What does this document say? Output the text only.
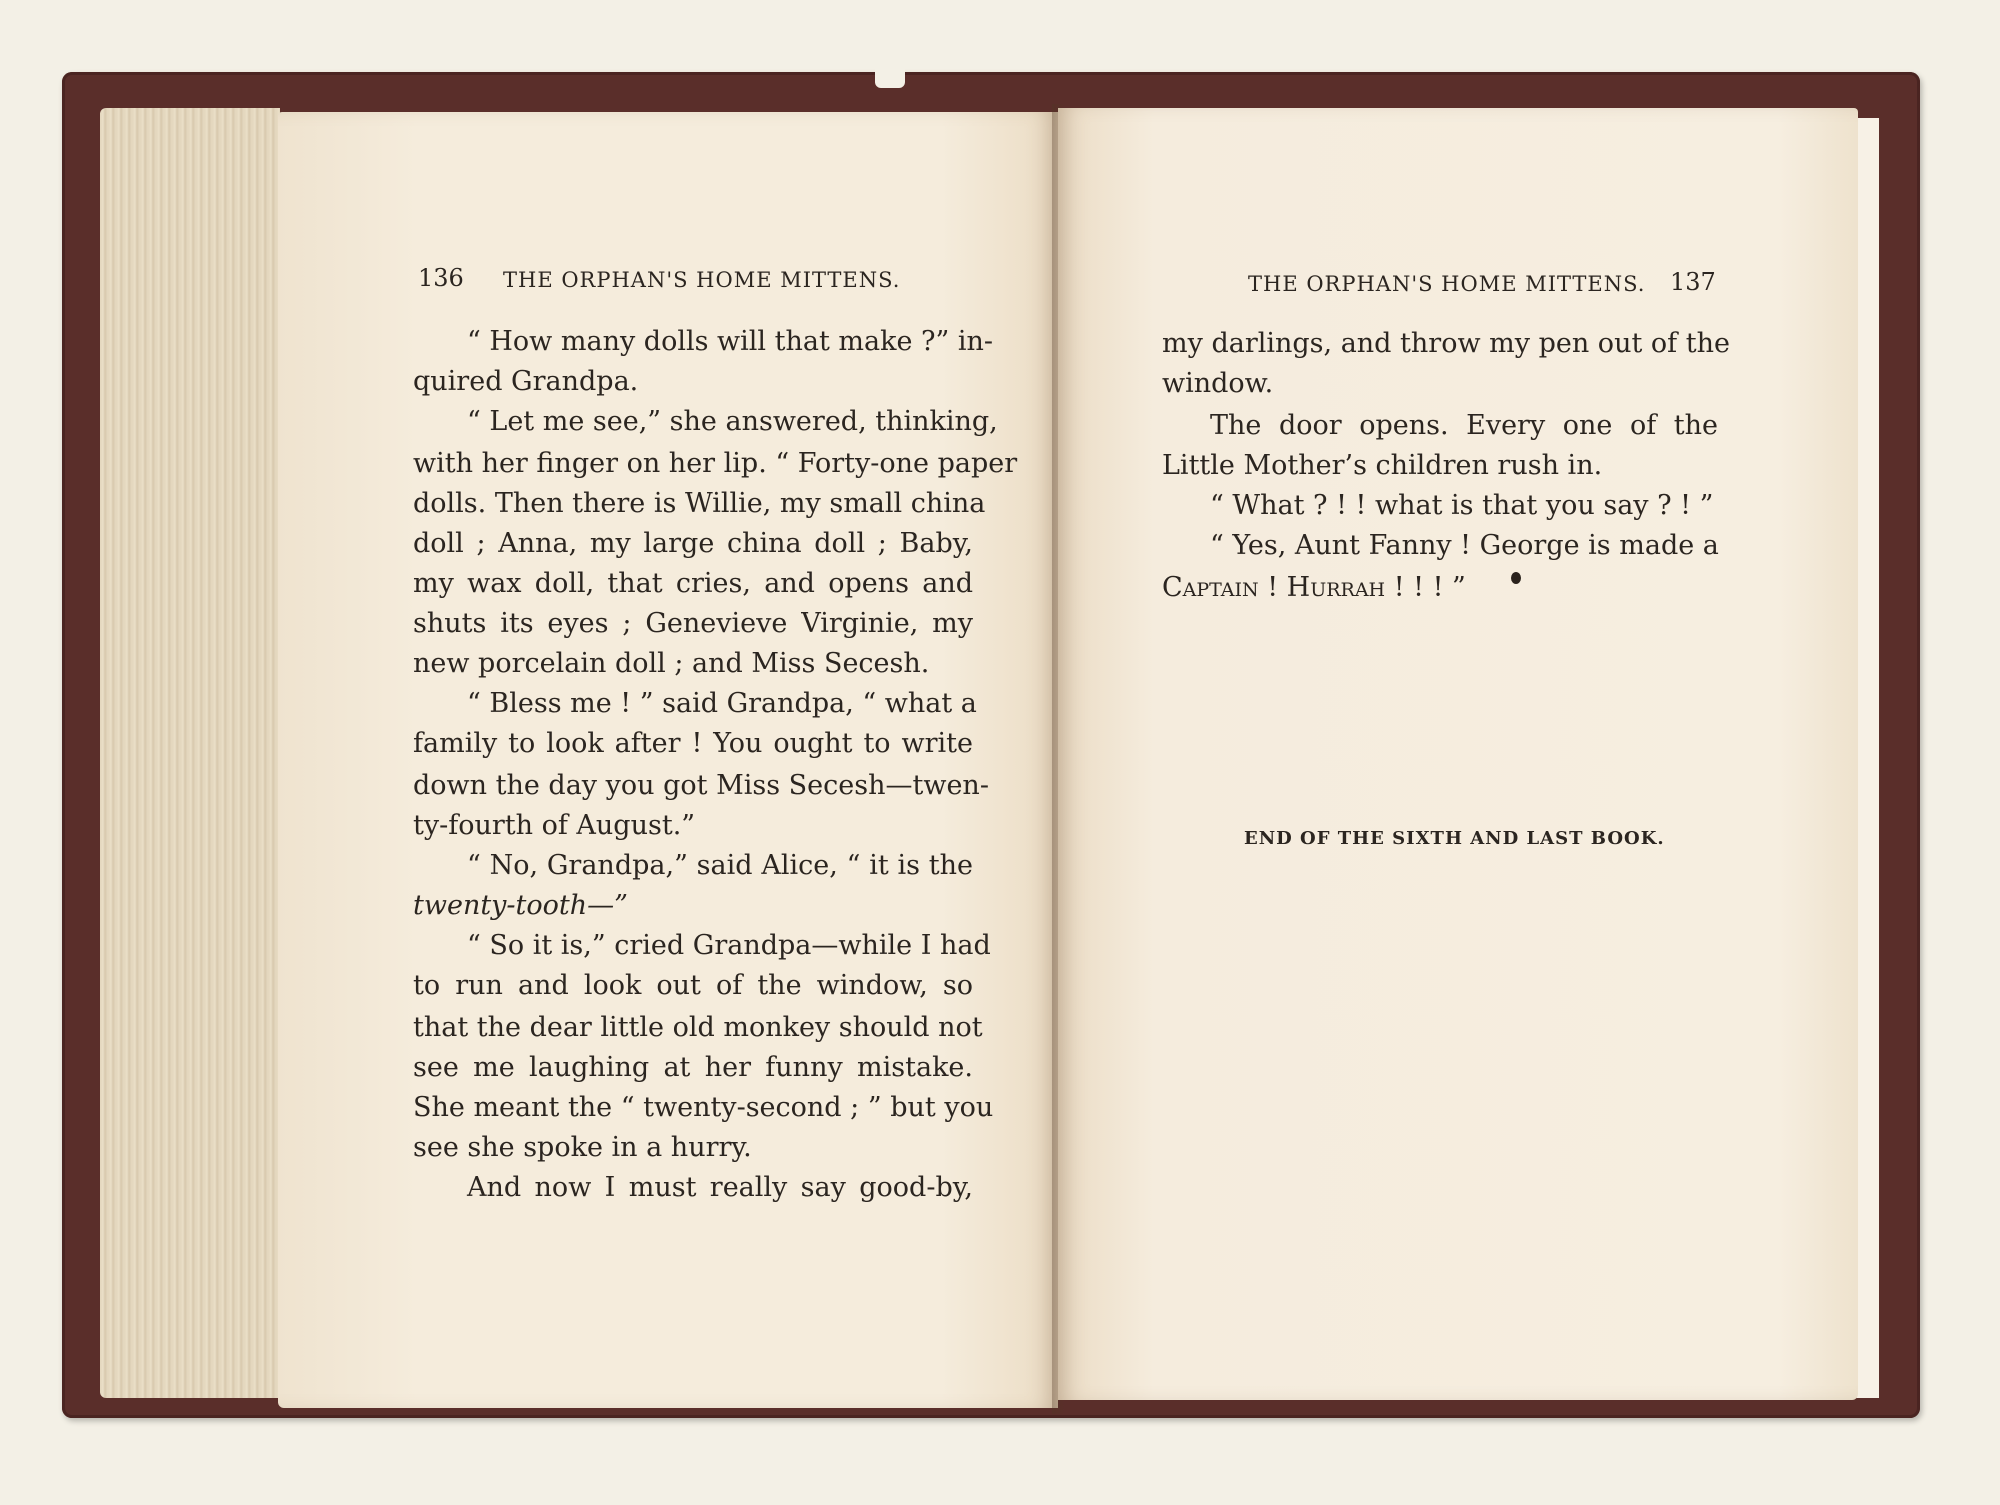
136 THE ORPHAN'S HOME MITTENS.
“ How many dolls will that make ?” in-
quired Grandpa.
“ Let me see,” she answered, thinking,
with her finger on her lip. “ Forty-one paper
dolls. Then there is Willie, my small china
doll ; Anna, my large china doll ; Baby,
my wax doll, that cries, and opens and
shuts its eyes ; Genevieve Virginie, my
new porcelain doll ; and Miss Secesh.
“ Bless me ! ” said Grandpa, “ what a
family to look after ! You ought to write
down the day you got Miss Secesh—twen-
ty-fourth of August.”
“ No, Grandpa,” said Alice, “ it is the
twenty-tooth—”
“ So it is,” cried Grandpa—while I had
to run and look out of the window, so
that the dear little old monkey should not
see me laughing at her funny mistake.
She meant the “ twenty-second ; ” but you
see she spoke in a hurry.
And now I must really say good-by,
THE ORPHAN'S HOME MITTENS. 137
my darlings, and throw my pen out of the
window.
The door opens. Every one of the
Little Mother’s children rush in.
“ What ? ! ! what is that you say ? ! ”
“ Yes, Aunt Fanny ! George is made a
Captain ! Hurrah ! ! ! ”
END OF THE SIXTH AND LAST BOOK.
